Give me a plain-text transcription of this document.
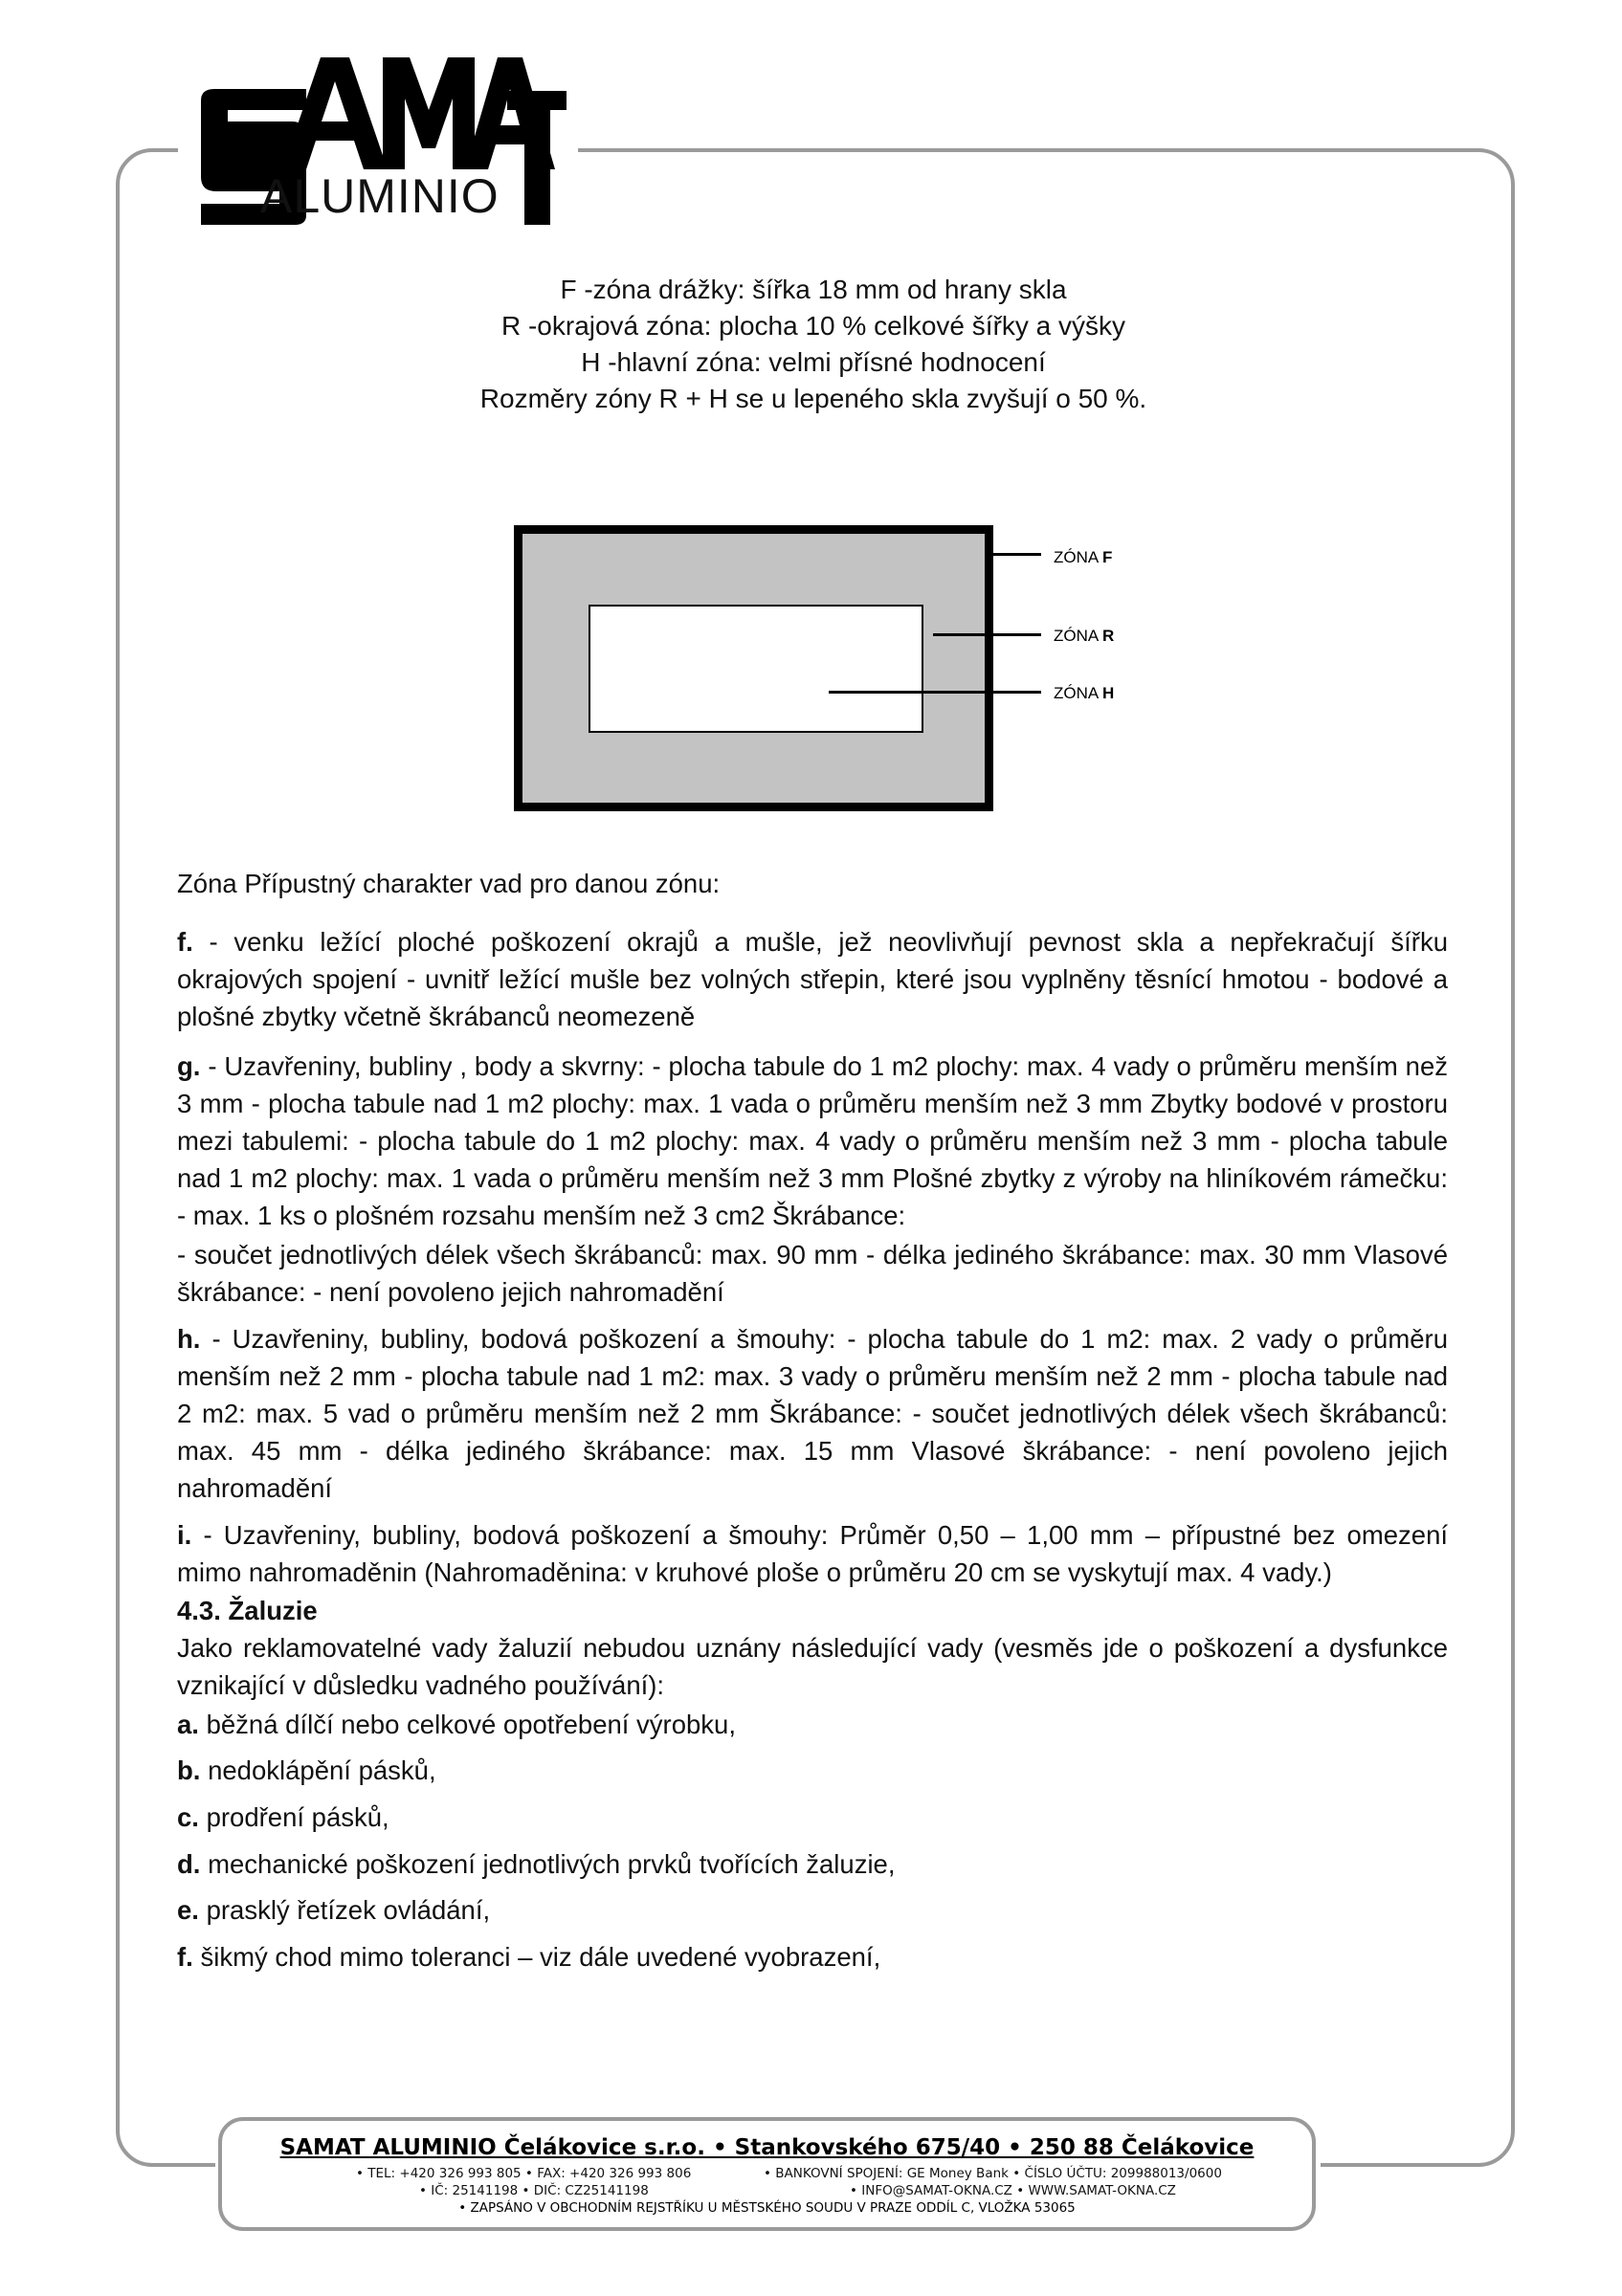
ALUMINIO
F -zóna drážky: šířka 18 mm od hrany skla
R -okrajová zóna: plocha 10 % celkové šířky a výšky
H -hlavní zóna: velmi přísné hodnocení
Rozměry zóny R + H se u lepeného skla zvyšují o 50 %.
ZÓNA F
ZÓNA R
ZÓNA H
Zóna Přípustný charakter vad pro danou zónu:
f. - venku ležící ploché poškození okrajů a mušle, jež neovlivňují pevnost skla a nepřekračují šířku okrajových spojení - uvnitř ležící mušle bez volných střepin, které jsou vyplněny těsnící hmotou - bodové a plošné zbytky včetně škrábanců neomezeně
g. - Uzavřeniny, bubliny , body a skvrny: - plocha tabule do 1 m2 plochy: max. 4 vady o průměru menším než 3 mm - plocha tabule nad 1 m2 plochy: max. 1 vada o průměru menším než 3 mm Zbytky bodové v prostoru mezi tabulemi: - plocha tabule do 1 m2 plochy: max. 4 vady o průměru menším než 3 mm - plocha tabule nad 1 m2 plochy: max. 1 vada o průměru menším než 3 mm Plošné zbytky z výroby na hliníkovém rámečku: - max. 1 ks o plošném rozsahu menším než 3 cm2 Škrábance:
- součet jednotlivých délek všech škrábanců: max. 90 mm - délka jediného škrábance: max. 30 mm Vlasové škrábance: - není povoleno jejich nahromadění
h. - Uzavřeniny, bubliny, bodová poškození a šmouhy: - plocha tabule do 1 m2: max. 2 vady o průměru menším než 2 mm - plocha tabule nad 1 m2: max. 3 vady o průměru menším než 2 mm - plocha tabule nad 2 m2: max. 5 vad o průměru menším než 2 mm Škrábance: - součet jednotlivých délek všech škrábanců: max. 45 mm - délka jediného škrábance: max. 15 mm Vlasové škrábance: - není povoleno jejich nahromadění
i. - Uzavřeniny, bubliny, bodová poškození a šmouhy: Průměr 0,50 – 1,00 mm – přípustné bez omezení mimo nahromaděnin (Nahromaděnina: v kruhové ploše o průměru 20 cm se vyskytují max. 4 vady.)
4.3. Žaluzie
Jako reklamovatelné vady žaluzií nebudou uznány následující vady (vesměs jde o poškození a dysfunkce vznikající v důsledku vadného používání):
a. běžná dílčí nebo celkové opotřebení výrobku,
b. nedoklápění pásků,
c. prodření pásků,
d. mechanické poškození jednotlivých prvků tvořících žaluzie,
e. prasklý řetízek ovládání,
f. šikmý chod mimo toleranci – viz dále uvedené vyobrazení,
SAMAT ALUMINIO Čelákovice s.r.o. • Stankovského 675/40 • 250 88 Čelákovice
• TEL: +420 326 993 805 • FAX: +420 326 993 806	• BANKOVNÍ SPOJENÍ: GE Money Bank • ČÍSLO ÚČTU: 209988013/0600
• IČ: 25141198 • DIČ: CZ25141198	• INFO@SAMAT-OKNA.CZ • WWW.SAMAT-OKNA.CZ
• ZAPSÁNO V OBCHODNÍM REJSTŘÍKU U MĚSTSKÉHO SOUDU V PRAZE ODDÍL C, VLOŽKA 53065
